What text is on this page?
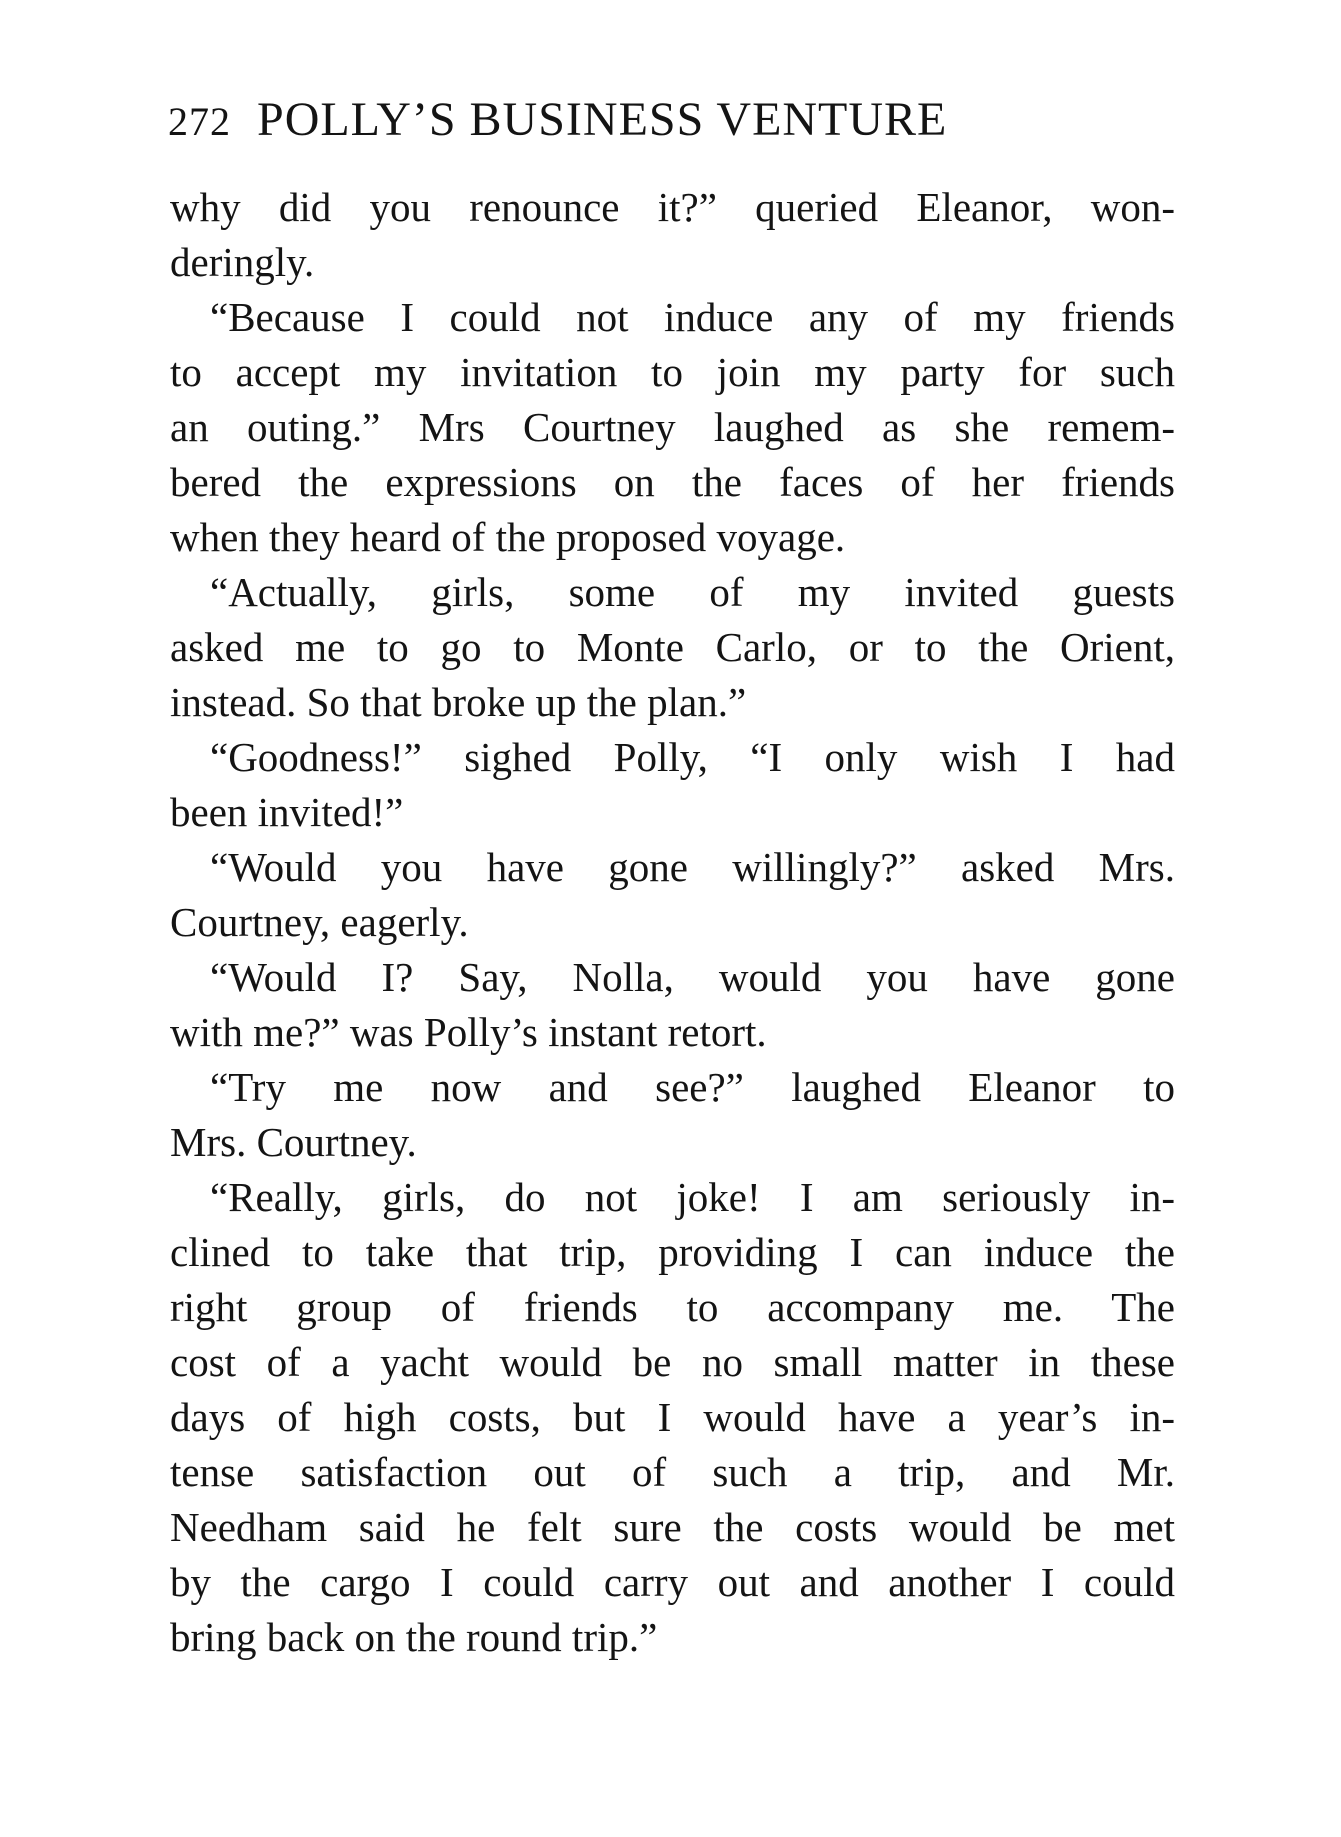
272 POLLY’S BUSINESS VENTURE
why did you renounce it?” queried Eleanor, won-
deringly.
“Because I could not induce any of my friends
to accept my invitation to join my party for such
an outing.” Mrs Courtney laughed as she remem-
bered the expressions on the faces of her friends
when they heard of the proposed voyage.
“Actually, girls, some of my invited guests
asked me to go to Monte Carlo, or to the Orient,
instead. So that broke up the plan.”
“Goodness!” sighed Polly, “I only wish I had
been invited!”
“Would you have gone willingly?” asked Mrs.
Courtney, eagerly.
“Would I? Say, Nolla, would you have gone
with me?” was Polly’s instant retort.
“Try me now and see?” laughed Eleanor to
Mrs. Courtney.
“Really, girls, do not joke! I am seriously in-
clined to take that trip, providing I can induce the
right group of friends to accompany me. The
cost of a yacht would be no small matter in these
days of high costs, but I would have a year’s in-
tense satisfaction out of such a trip, and Mr.
Needham said he felt sure the costs would be met
by the cargo I could carry out and another I could
bring back on the round trip.”
